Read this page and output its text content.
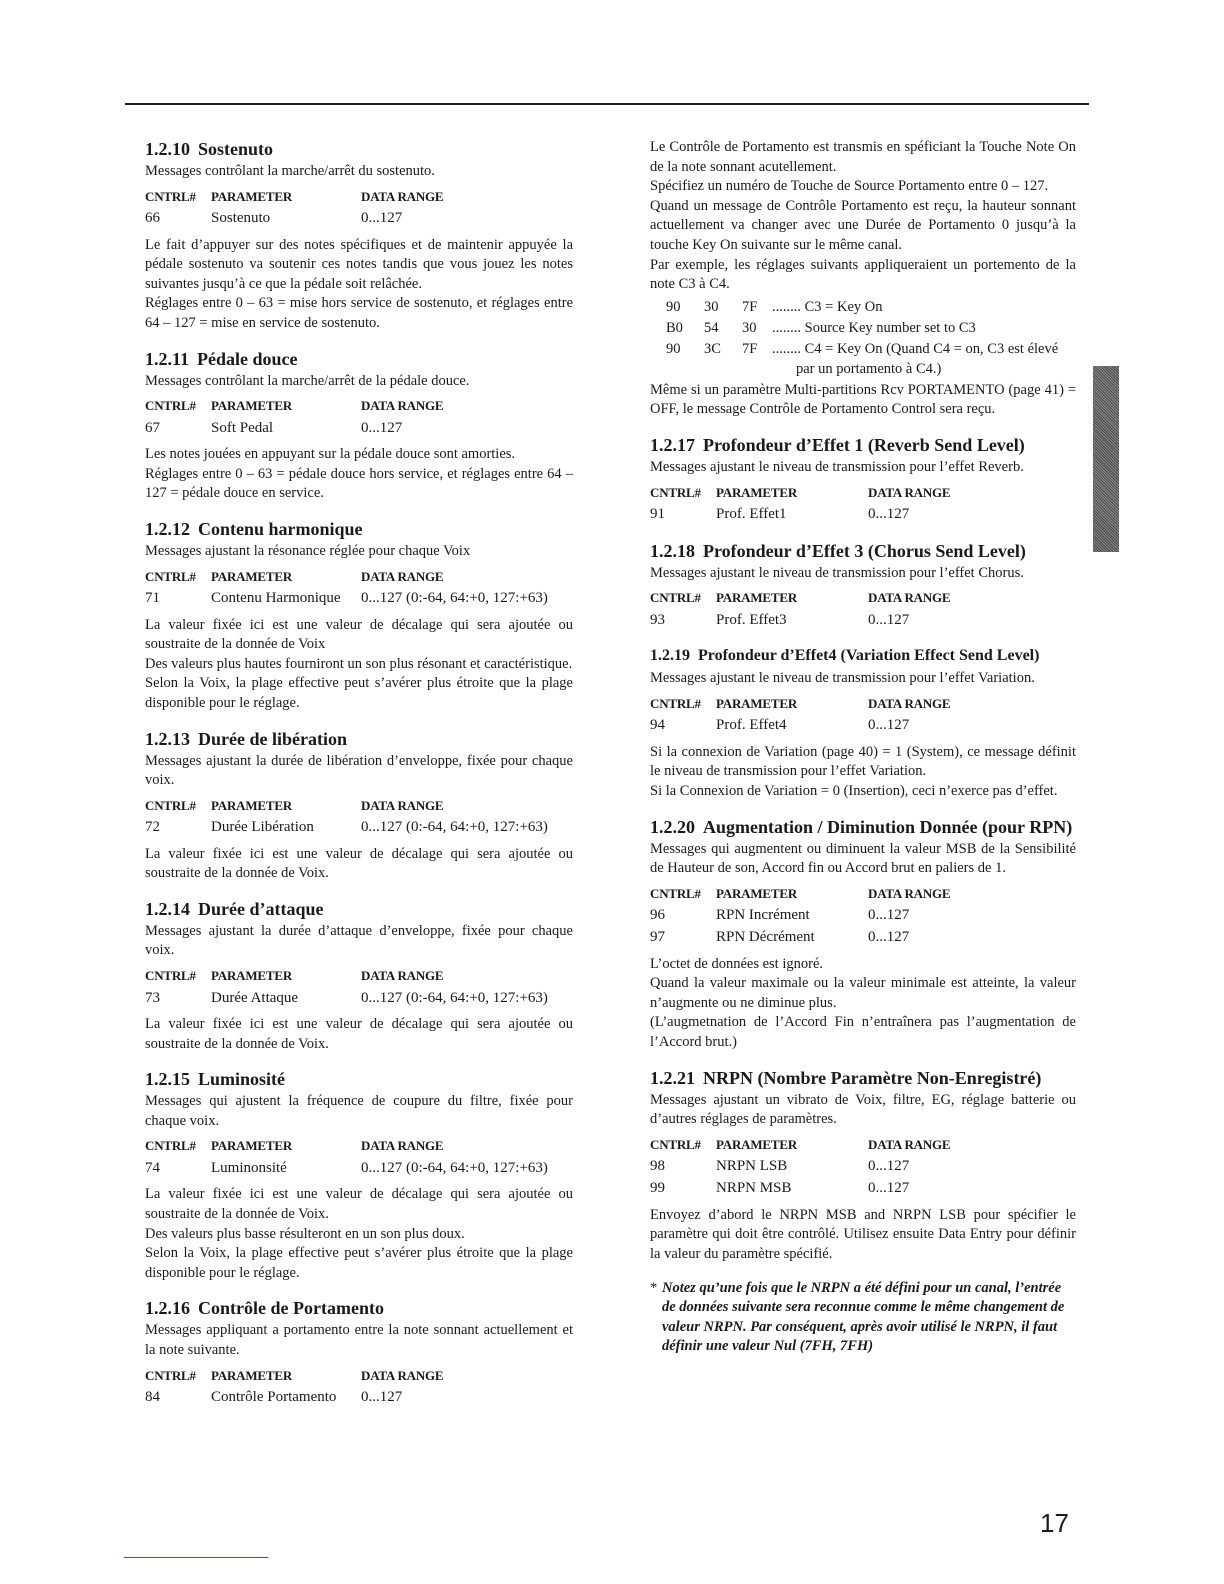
1.2.10 Sostenuto

Messages contrôlant la marche/arrêt du sostenuto.

CNTRL#	PARAMETER	DATA RANGE
66	Sostenuto	0...127

Le fait d’appuyer sur des notes spécifiques et de maintenir appuyée la pédale sostenuto va soutenir ces notes tandis que vous jouez les notes suivantes jusqu’à ce que la pédale soit relâchée.

Réglages entre 0 – 63 = mise hors service de sostenuto, et réglages entre 64 – 127 = mise en service de sostenuto.

1.2.11 Pédale douce

Messages contrôlant la marche/arrêt de la pédale douce.

CNTRL#	PARAMETER	DATA RANGE
67	Soft Pedal	0...127

Les notes jouées en appuyant sur la pédale douce sont amorties.

Réglages entre 0 – 63 = pédale douce hors service, et réglages entre 64 – 127 = pédale douce en service.

1.2.12 Contenu harmonique

Messages ajustant la résonance réglée pour chaque Voix

CNTRL#	PARAMETER	DATA RANGE
71	Contenu Harmonique	0...127 (0:-64, 64:+0, 127:+63)

La valeur fixée ici est une valeur de décalage qui sera ajoutée ou soustraite de la donnée de Voix

Des valeurs plus hautes fourniront un son plus résonant et caractéristique.

Selon la Voix, la plage effective peut s’avérer plus étroite que la plage disponible pour le réglage.

1.2.13 Durée de libération

Messages ajustant la durée de libération d’enveloppe, fixée pour chaque voix.

CNTRL#	PARAMETER	DATA RANGE
72	Durée Libération	0...127 (0:-64, 64:+0, 127:+63)

La valeur fixée ici est une valeur de décalage qui sera ajoutée ou soustraite de la donnée de Voix.

1.2.14 Durée d’attaque

Messages ajustant la durée d’attaque d’enveloppe, fixée pour chaque voix.

CNTRL#	PARAMETER	DATA RANGE
73	Durée Attaque	0...127 (0:-64, 64:+0, 127:+63)

La valeur fixée ici est une valeur de décalage qui sera ajoutée ou soustraite de la donnée de Voix.

1.2.15 Luminosité

Messages qui ajustent la fréquence de coupure du filtre, fixée pour chaque voix.

CNTRL#	PARAMETER	DATA RANGE
74	Luminonsité	0...127 (0:-64, 64:+0, 127:+63)

La valeur fixée ici est une valeur de décalage qui sera ajoutée ou soustraite de la donnée de Voix.

Des valeurs plus basse résulteront en un son plus doux.

Selon la Voix, la plage effective peut s’avérer plus étroite que la plage disponible pour le réglage.

1.2.16 Contrôle de Portamento

Messages appliquant a portamento entre la note sonnant actuellement et la note suivante.

CNTRL#	PARAMETER	DATA RANGE
84	Contrôle Portamento	0...127

Le Contrôle de Portamento est transmis en spéficiant la Touche Note On de la note sonnant acutellement.

Spécifiez un numéro de Touche de Source Portamento entre 0 – 127.

Quand un message de Contrôle Portamento est reçu, la hauteur sonnant actuellement va changer avec une Durée de Portamento 0 jusqu’à la touche Key On suivante sur le même canal.

Par exemple, les réglages suivants appliqueraient un portemento de la note C3 à C4.

90 30 7F ........ C3 = Key On
B0 54 30 ........ Source Key number set to C3
90 3C 7F ........ C4 = Key On (Quand C4 = on, C3 est élevé
par un portamento à C4.)

Même si un paramètre Multi-partitions Rcv PORTAMENTO (page 41) = OFF, le message Contrôle de Portamento Control sera reçu.

1.2.17 Profondeur d’Effet 1 (Reverb Send Level)

Messages ajustant le niveau de transmission pour l’effet Reverb.

CNTRL#	PARAMETER	DATA RANGE
91	Prof. Effet1	0...127
1.2.18 Profondeur d’Effet 3 (Chorus Send Level)

Messages ajustant le niveau de transmission pour l’effet Chorus.

CNTRL#	PARAMETER	DATA RANGE
93	Prof. Effet3	0...127
1.2.19 Profondeur d’Effet4 (Variation Effect Send Level)

Messages ajustant le niveau de transmission pour l’effet Variation.

CNTRL#	PARAMETER	DATA RANGE
94	Prof. Effet4	0...127

Si la connexion de Variation (page 40) = 1 (System), ce message définit le niveau de transmission pour l’effet Variation.

Si la Connexion de Variation = 0 (Insertion), ceci n’exerce pas d’effet.

1.2.20 Augmentation / Diminution Donnée (pour RPN)

Messages qui augmentent ou diminuent la valeur MSB de la Sensibilité de Hauteur de son, Accord fin ou Accord brut en paliers de 1.

CNTRL#	PARAMETER	DATA RANGE
96	RPN Incrément	0...127
97	RPN Décrément	0...127

L’octet de données est ignoré.

Quand la valeur maximale ou la valeur minimale est atteinte, la valeur n’augmente ou ne diminue plus.

(L’augmetnation de l’Accord Fin n’entraînera pas l’augmentation de l’Accord brut.)

1.2.21 NRPN (Nombre Paramètre Non-Enregistré)

Messages ajustant un vibrato de Voix, filtre, EG, réglage batterie ou d’autres réglages de paramètres.

CNTRL#	PARAMETER	DATA RANGE
98	NRPN LSB	0...127
99	NRPN MSB	0...127

Envoyez d’abord le NRPN MSB and NRPN LSB pour spécifier le paramètre qui doit être contrôlé. Utilisez ensuite Data Entry pour définir la valeur du paramètre spécifié.

* Notez qu’une fois que le NRPN a été défini pour un canal, l’entrée de données suivante sera reconnue comme le même changement de valeur NRPN. Par conséquent, après avoir utilisé le NRPN, il faut définir une valeur Nul (7FH, 7FH)
17
